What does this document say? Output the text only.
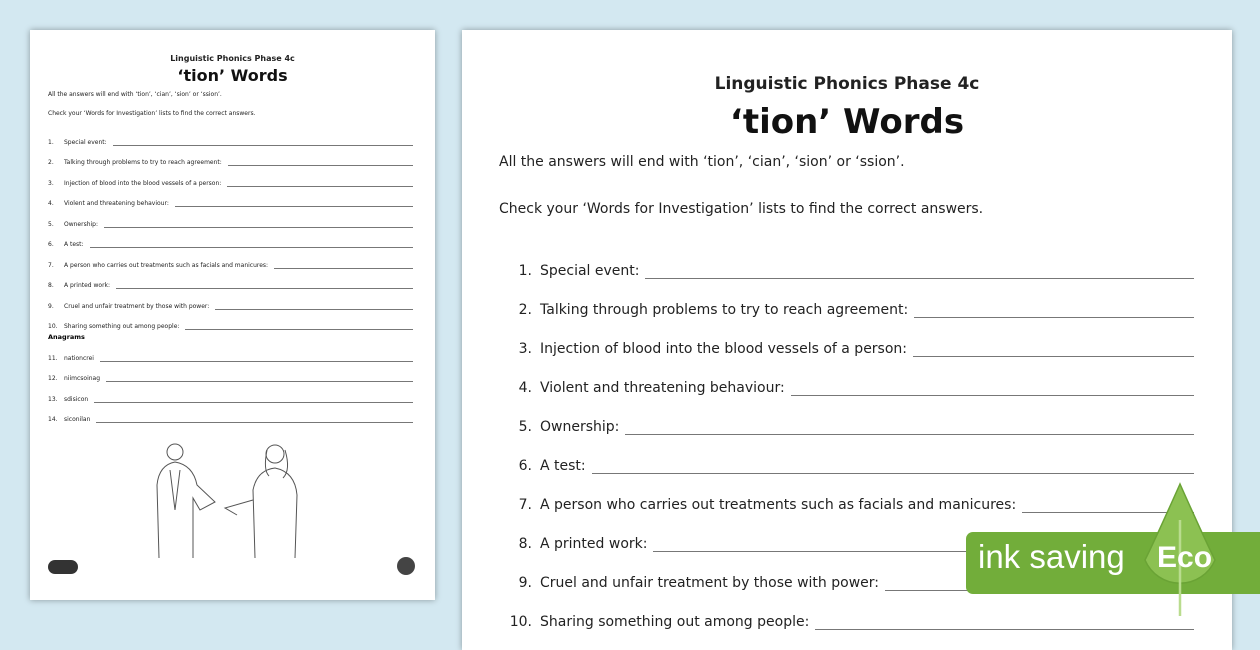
Linguistic Phonics Phase 4c
‘tion’ Words
All the answers will end with ‘tion’, ‘cian’, ‘sion’ or ‘ssion’.
Check your ‘Words for Investigation’ lists to find the correct answers.
1.	Special event:
2.	Talking through problems to try to reach agreement:
3.	Injection of blood into the blood vessels of a person:
4.	Violent and threatening behaviour:
5.	Ownership:
6.	A test:
7.	A person who carries out treatments such as facials and manicures:
8.	A printed work:
9.	Cruel and unfair treatment by those with power:
10.	Sharing something out among people:
Anagrams
11.	nationcrei
12.	niimcsoinag
13.	sdisicon
14.	siconilan
Linguistic Phonics Phase 4c
‘tion’ Words
All the answers will end with ‘tion’, ‘cian’, ‘sion’ or ‘ssion’.
Check your ‘Words for Investigation’ lists to find the correct answers.
1. Special event:
2. Talking through problems to try to reach agreement:
3. Injection of blood into the blood vessels of a person:
4. Violent and threatening behaviour:
5. Ownership:
6. A test:
7. A person who carries out treatments such as facials and manicures:
8. A printed work:
9. Cruel and unfair treatment by those with power:
10. Sharing something out among people:
ink saving Eco
